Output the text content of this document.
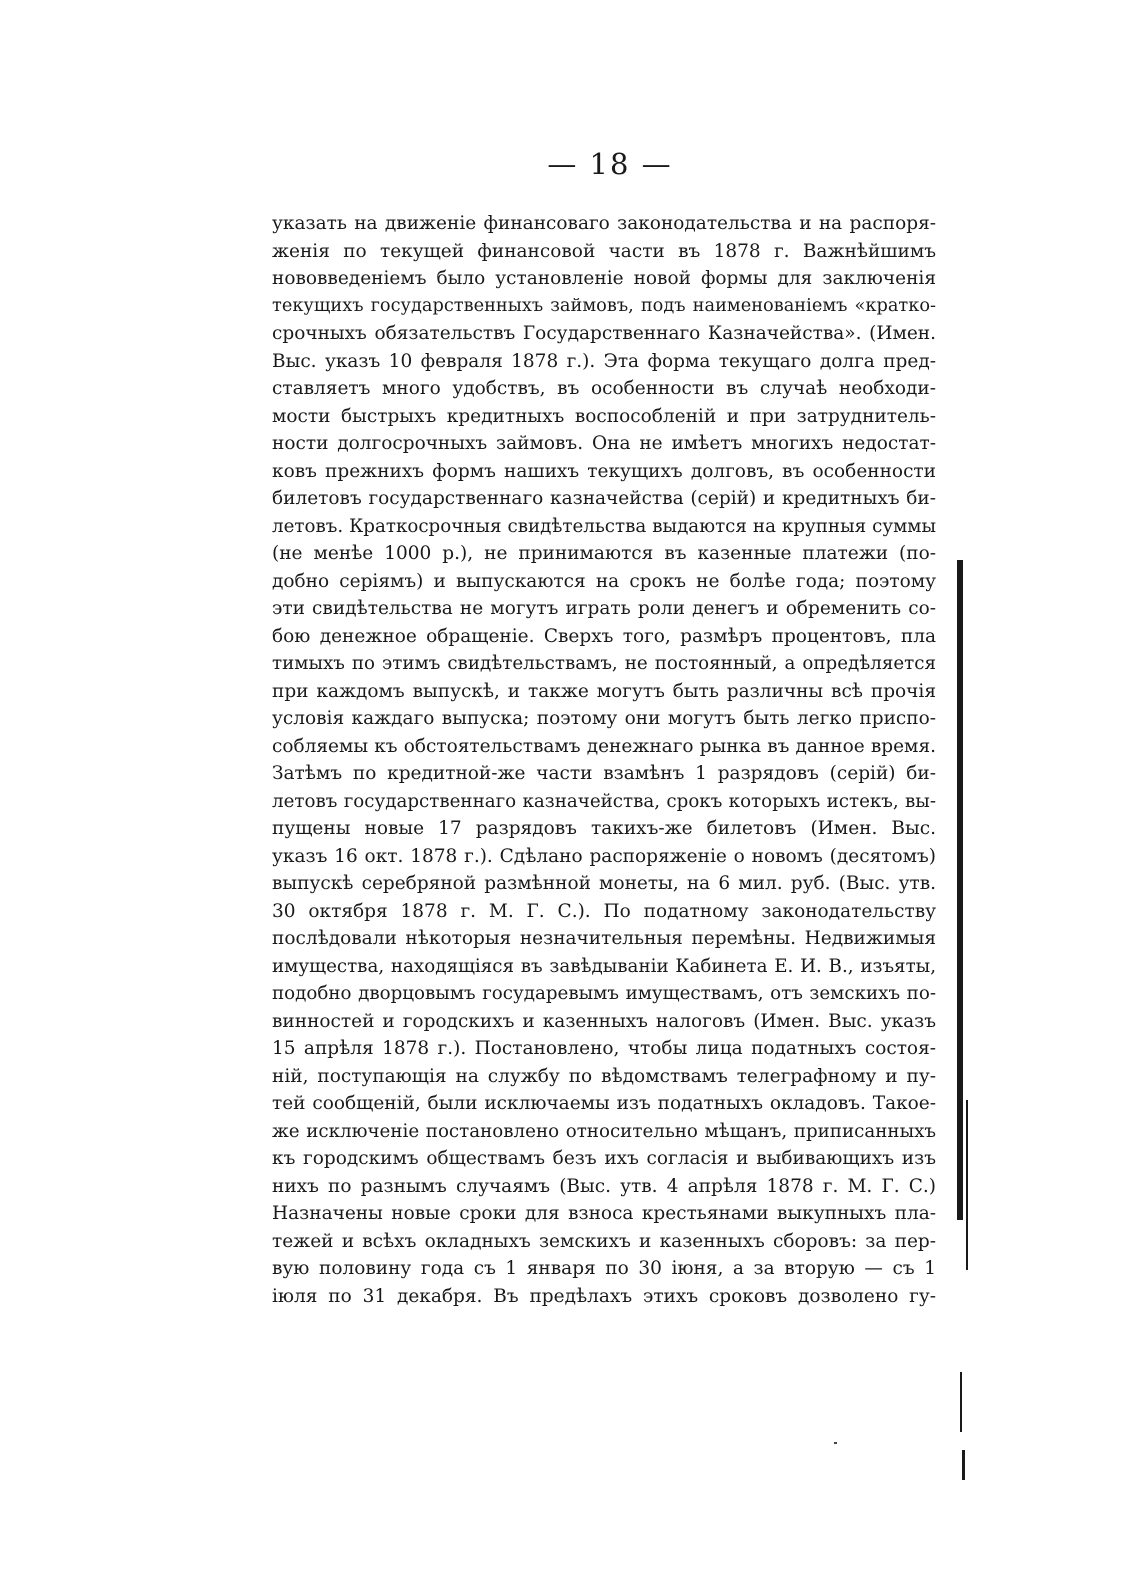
— 18 —
указать на движеніе финансоваго законодательства и на распоря-
женія по текущей финансовой части въ 1878 г. Важнѣйшимъ
нововведеніемъ было установленіе новой формы для заключенія
текущихъ государственныхъ займовъ, подъ наименованіемъ «кратко-
срочныхъ обязательствъ Государственнаго Казначейства». (Имен.
Выс. указъ 10 февраля 1878 г.). Эта форма текущаго долга пред-
ставляетъ много удобствъ, въ особенности въ случаѣ необходи-
мости быстрыхъ кредитныхъ воспособленій и при затруднитель-
ности долгосрочныхъ займовъ. Она не имѣетъ многихъ недостат-
ковъ прежнихъ формъ нашихъ текущихъ долговъ, въ особенности
билетовъ государственнаго казначейства (серій) и кредитныхъ би-
летовъ. Краткосрочныя свидѣтельства выдаются на крупныя суммы
(не менѣе 1000 р.), не принимаются въ казенные платежи (по-
добно серіямъ) и выпускаются на срокъ не болѣе года; поэтому
эти свидѣтельства не могутъ играть роли денегъ и обременить со-
бою денежное обращеніе. Сверхъ того, размѣръ процентовъ, пла
тимыхъ по этимъ свидѣтельствамъ, не постоянный, а опредѣляется
при каждомъ выпускѣ, и также могутъ быть различны всѣ прочія
условія каждаго выпуска; поэтому они могутъ быть легко приспо-
собляемы къ обстоятельствамъ денежнаго рынка въ данное время.
Затѣмъ по кредитной-же части взамѣнъ 1 разрядовъ (серій) би-
летовъ государственнаго казначейства, срокъ которыхъ истекъ, вы-
пущены новые 17 разрядовъ такихъ-же билетовъ (Имен. Выс.
указъ 16 окт. 1878 г.). Сдѣлано распоряженіе о новомъ (десятомъ)
выпускѣ серебряной размѣнной монеты, на 6 мил. руб. (Выс. утв.
30 октября 1878 г. М. Г. С.). По податному законодательству
послѣдовали нѣкоторыя незначительныя перемѣны. Недвижимыя
имущества, находящіяся въ завѣдываніи Кабинета Е. И. В., изъяты,
подобно дворцовымъ государевымъ имуществамъ, отъ земскихъ по-
винностей и городскихъ и казенныхъ налоговъ (Имен. Выс. указъ
15 апрѣля 1878 г.). Постановлено, чтобы лица податныхъ состоя-
ній, поступающія на службу по вѣдомствамъ телеграфному и пу-
тей сообщеній, были исключаемы изъ податныхъ окладовъ. Такое-
же исключеніе постановлено относительно мѣщанъ, приписанныхъ
къ городскимъ обществамъ безъ ихъ согласія и выбивающихъ изъ
нихъ по разнымъ случаямъ (Выс. утв. 4 апрѣля 1878 г. М. Г. С.)
Назначены новые сроки для взноса крестьянами выкупныхъ пла-
тежей и всѣхъ окладныхъ земскихъ и казенныхъ сборовъ: за пер-
вую половину года съ 1 января по 30 іюня, а за вторую — съ 1
іюля по 31 декабря. Въ предѣлахъ этихъ сроковъ дозволено гу-
